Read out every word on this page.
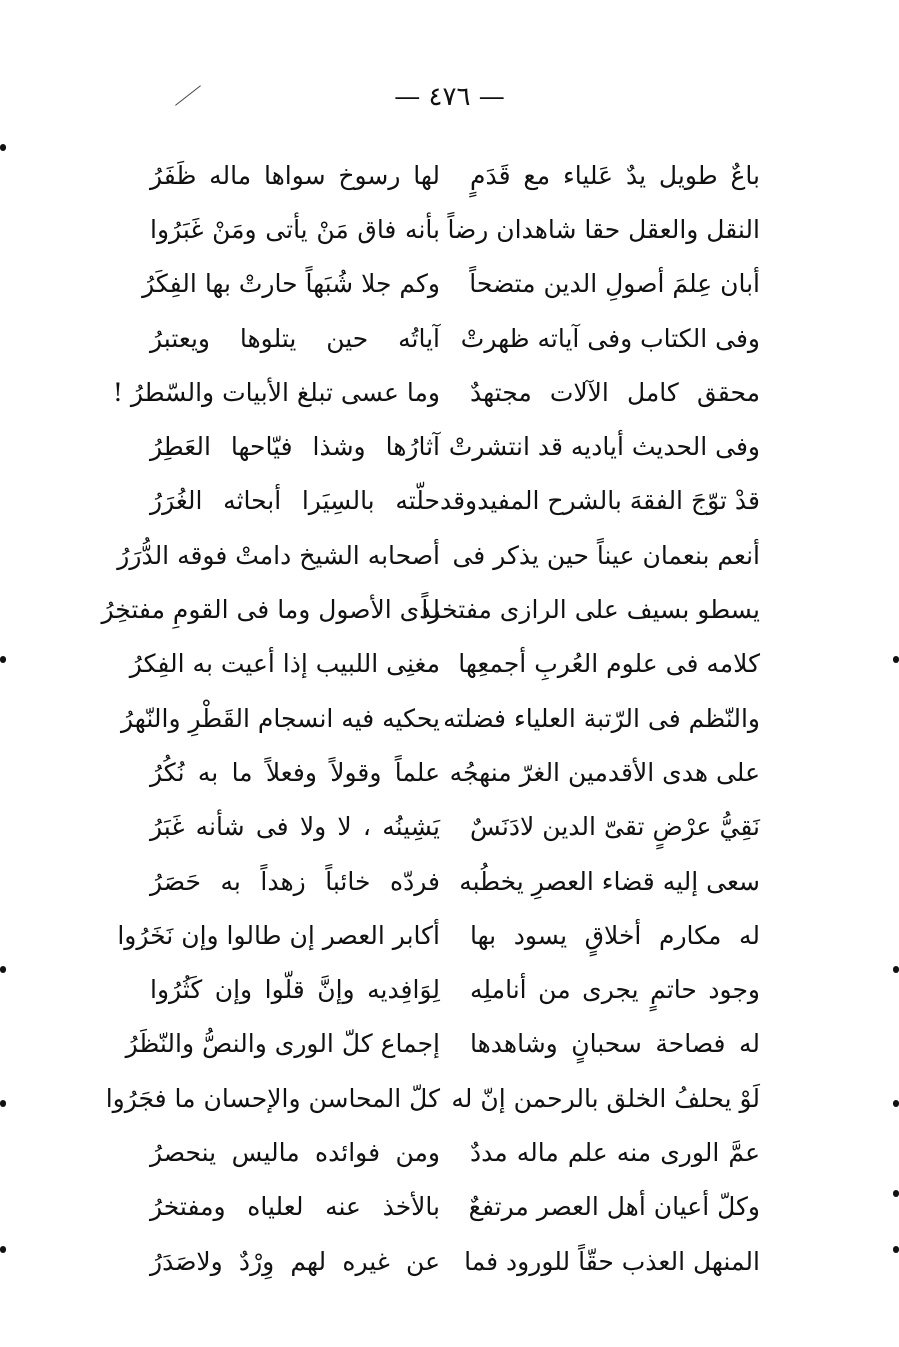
— ٤٧٦ —
باعٌ طويل يدٌ عَلياء مع قَدَمٍ
لها رسوخ سواها ماله ظَفَرُ
النقل والعقل حقا شاهدان رضاً
بأنه فاق مَنْ يأتى ومَنْ غَبَرُوا
أبان عِلمَ أصولِ الدين متضحاً
وكم جلا شُبَهاً حارتْ بها الفِكَرُ
وفى الكتاب وفى آياته ظهرتْ
آياتُه حين يتلوها ويعتبرُ
محقق كامل الآلات مجتهدٌ
وما عسى تبلغ الأبيات والسّطرُ !
وفى الحديث أياديه قد انتشرتْ
آثارُها وشذا فيّاحها العَطِرُ
قدْ توّجَ الفقهَ بالشرح المفيدوقد
حلّته بالسِيَرا أبحاثه الغُرَرُ
أنعم بنعمان عيناً حين يذكر فى
أصحابه الشيخ دامتْ فوقه الدُّرَرُ
يسطو بسيف على الرازى مفتخراً
لدى الأصول وما فى القومِ مفتخِرُ
كلامه فى علوم العُربِ أجمعِها
مغنِى اللبيب إذا أعيت به الفِكرُ
والنّظم فى الرّتبة العلياء فضلته
يحكيه فيه انسجام القَطْرِ والنّهرُ
على هدى الأقدمين الغرّ منهجُه
علماً وقولاً وفعلاً ما به نُكُرُ
نَقِيُّ عرْضٍ تقىّ الدين لادَنَسٌ
يَشِينُه ، لا ولا فى شأنه غَبَرُ
سعى إليه قضاء العصرِ يخطُبه
فردّه خائباً زهداً به حَصَرُ
له مكارم أخلاقٍ يسود بها
أكابر العصر إن طالوا وإن نَخَرُوا
وجود حاتمٍ يجرى من أناملِه
لِوَافِديه وإنَّ قلّوا وإن كَثُرُوا
له فصاحة سحبانٍ وشاهدها
إجماع كلّ الورى والنصُّ والنّظَرُ
لَوْ يحلفُ الخلق بالرحمن إنّ له
كلّ المحاسن والإحسان ما فجَرُوا
عمَّ الورى منه علم ماله مددٌ
ومن فوائده ماليس ينحصرُ
وكلّ أعيان أهل العصر مرتفعٌ
بالأخذ عنه لعلياه ومفتخرُ
المنهل العذب حقّاً للورود فما
عن غيره لهم وِرْدٌ ولاصَدَرُ
